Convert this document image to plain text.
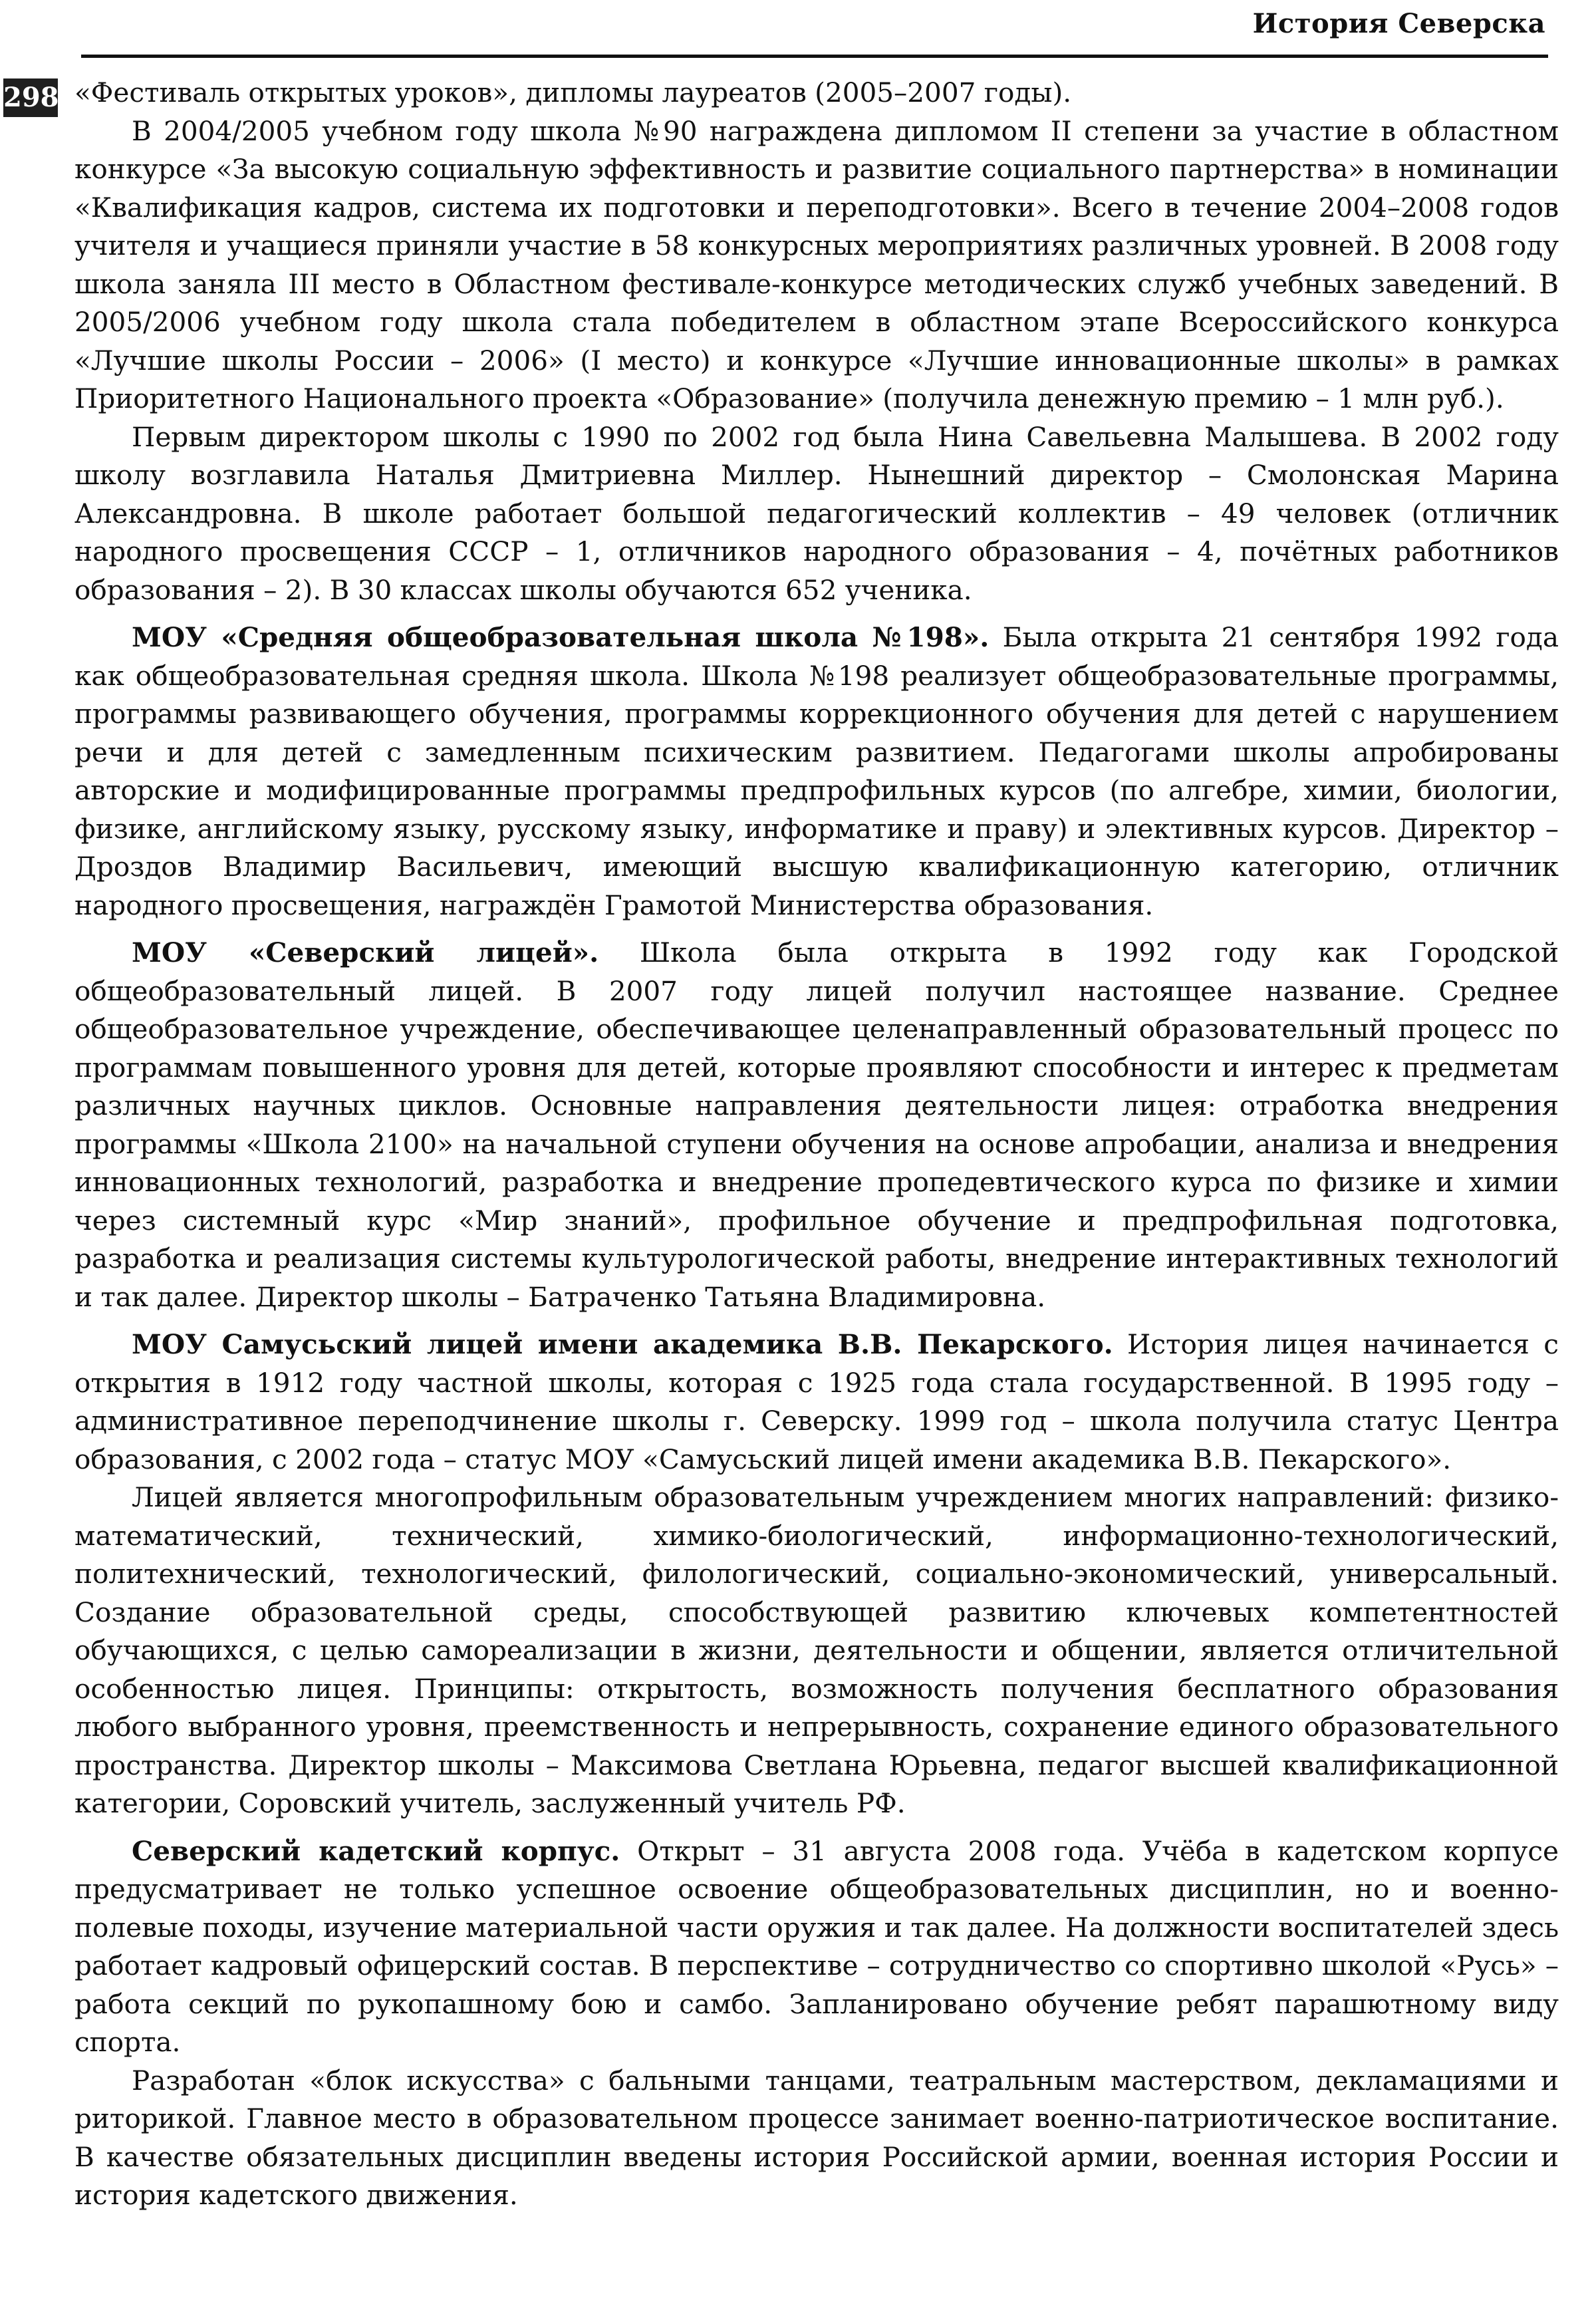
История Северска
298 «Фестиваль открытых уроков», дипломы лауреатов (2005–2007 годы).

В 2004/2005 учебном году школа №90 награждена дипломом II степени за участие в областном конкурсе «За высокую социальную эффективность и развитие социального партнерства» в номинации «Квалификация кадров, система их подготовки и переподготовки». Всего в течение 2004–2008 годов учителя и учащиеся приняли участие в 58 конкурсных мероприятиях различных уровней. В 2008 году школа заняла III место в Областном фестивале-конкурсе методических служб учебных заведений. В 2005/2006 учебном году школа стала победителем в областном этапе Всероссийского конкурса «Лучшие школы России – 2006» (I место) и конкурсе «Лучшие инновационные школы» в рамках Приоритетного Национального проекта «Образование» (получила денежную премию – 1 млн руб.).

Первым директором школы с 1990 по 2002 год была Нина Савельевна Малышева. В 2002 году школу возглавила Наталья Дмитриевна Миллер. Нынешний директор – Смолонская Марина Александровна. В школе работает большой педагогический коллектив – 49 человек (отличник народного просвещения СССР – 1, отличников народного образования – 4, почётных работников образования – 2). В 30 классах школы обучаются 652 ученика.

МОУ «Средняя общеобразовательная школа №198». Была открыта 21 сентября 1992 года как общеобразовательная средняя школа. Школа №198 реализует общеобразовательные программы, программы развивающего обучения, программы коррекционного обучения для детей с нарушением речи и для детей с замедленным психическим развитием. Педагогами школы апробированы авторские и модифицированные программы предпрофильных курсов (по алгебре, химии, биологии, физике, английскому языку, русскому языку, информатике и праву) и элективных курсов. Директор – Дроздов Владимир Васильевич, имеющий высшую квалификационную категорию, отличник народного просвещения, награждён Грамотой Министерства образования.

МОУ «Северский лицей». Школа была открыта в 1992 году как Городской общеобразовательный лицей. В 2007 году лицей получил настоящее название. Среднее общеобразовательное учреждение, обеспечивающее целенаправленный образовательный процесс по программам повышенного уровня для детей, которые проявляют способности и интерес к предметам различных научных циклов. Основные направления деятельности лицея: отработка внедрения программы «Школа 2100» на начальной ступени обучения на основе апробации, анализа и внедрения инновационных технологий, разработка и внедрение пропедевтического курса по физике и химии через системный курс «Мир знаний», профильное обучение и предпрофильная подготовка, разработка и реализация системы культурологической работы, внедрение интерактивных технологий и так далее. Директор школы – Батраченко Татьяна Владимировна.

МОУ Самусьский лицей имени академика В.В. Пекарского. История лицея начинается с открытия в 1912 году частной школы, которая с 1925 года стала государственной. В 1995 году – административное переподчинение школы г. Северску. 1999 год – школа получила статус Центра образования, с 2002 года – статус МОУ «Самусьский лицей имени академика В.В. Пекарского».

Лицей является многопрофильным образовательным учреждением многих направлений: физико-математический, технический, химико-биологический, информационно-технологический, политехнический, технологический, филологический, социально-экономический, универсальный. Создание образовательной среды, способствующей развитию ключевых компетентностей обучающихся, с целью самореализации в жизни, деятельности и общении, является отличительной особенностью лицея. Принципы: открытость, возможность получения бесплатного образования любого выбранного уровня, преемственность и непрерывность, сохранение единого образовательного пространства. Директор школы – Максимова Светлана Юрьевна, педагог высшей квалификационной категории, Соровский учитель, заслуженный учитель РФ.

Северский кадетский корпус. Открыт – 31 августа 2008 года. Учёба в кадетском корпусе предусматривает не только успешное освоение общеобразовательных дисциплин, но и военно-полевые походы, изучение материальной части оружия и так далее. На должности воспитателей здесь работает кадровый офицерский состав. В перспективе – сотрудничество со спортивно школой «Русь» – работа секций по рукопашному бою и самбо. Запланировано обучение ребят парашютному виду спорта.

Разработан «блок искусства» с бальными танцами, театральным мастерством, декламациями и риторикой. Главное место в образовательном процессе занимает военно-патриотическое воспитание. В качестве обязательных дисциплин введены история Российской армии, военная история России и история кадетского движения.
